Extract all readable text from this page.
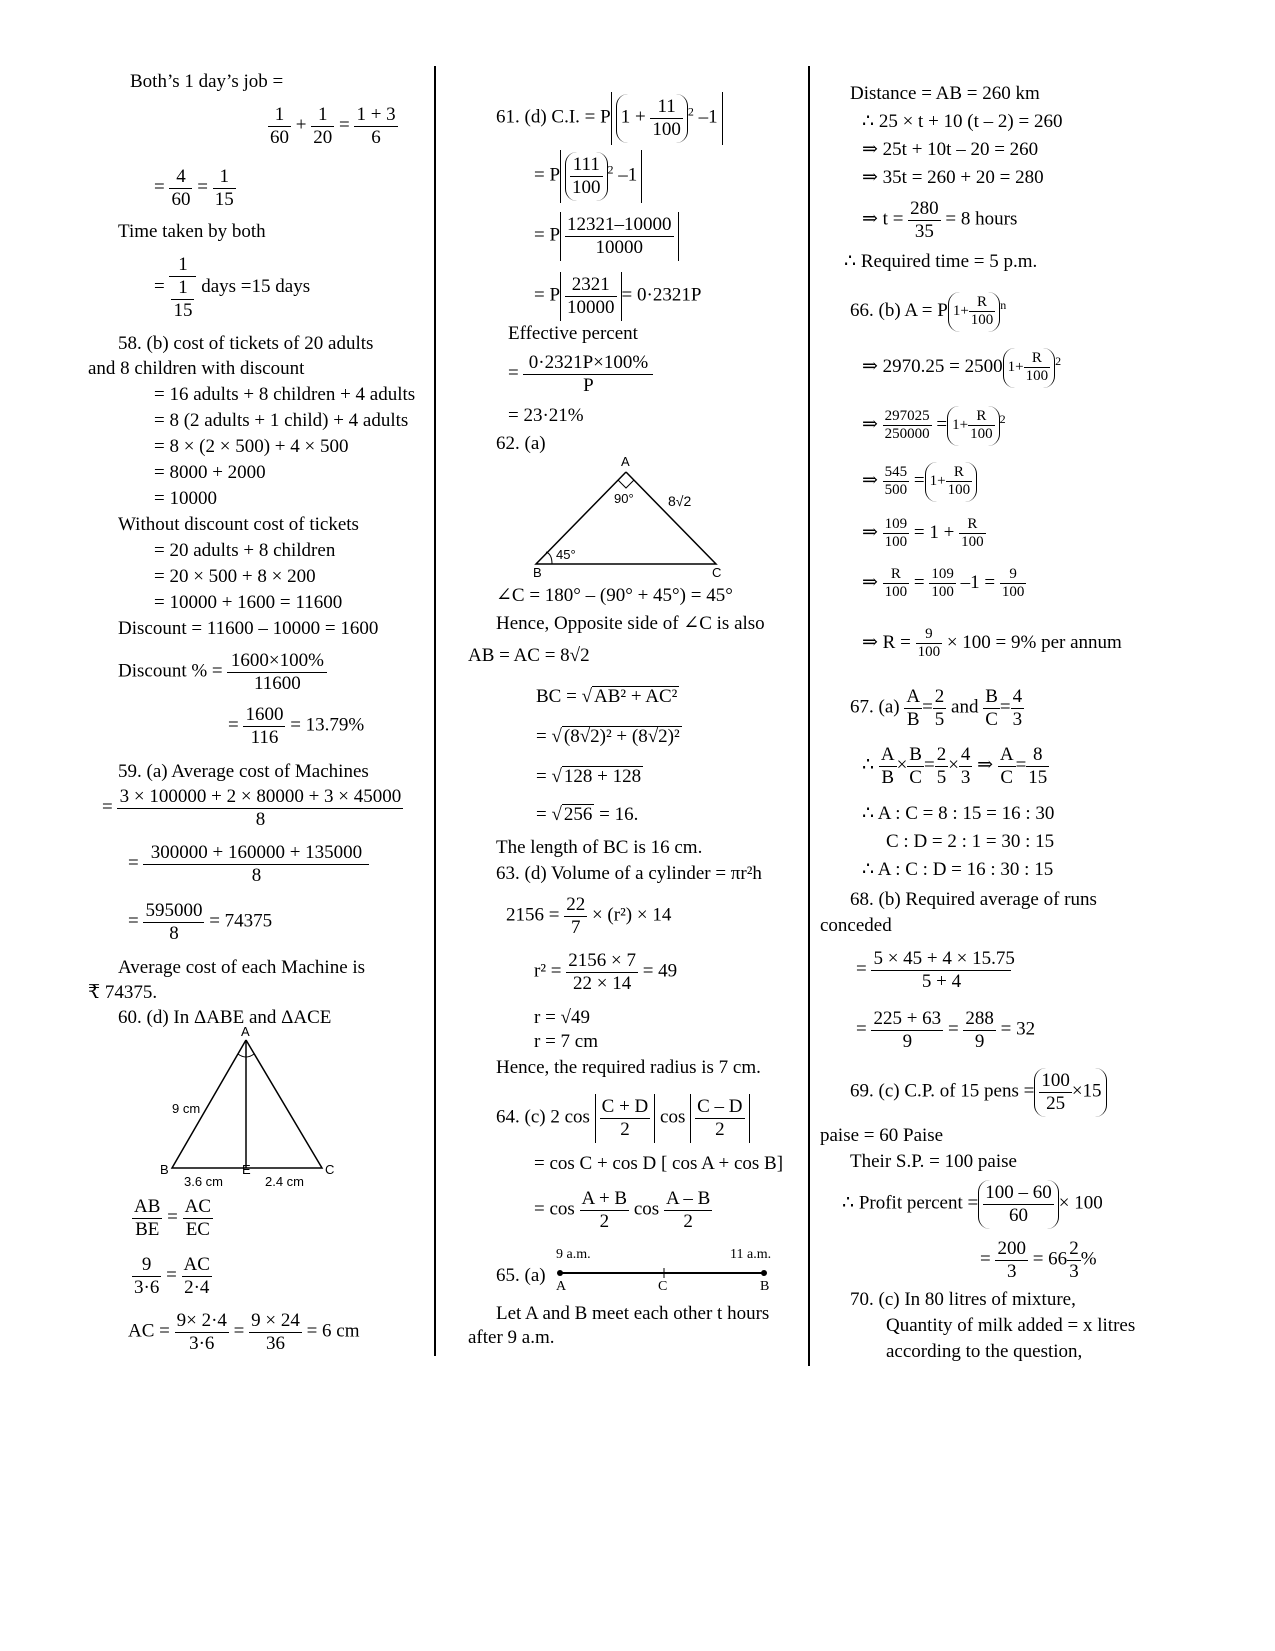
Both’s 1 day’s job =
$\frac{1}{60} + \frac{1}{20} = \frac{1 + 3}{6}$
= $\frac{4}{60} = \frac{1}{15}$
Time taken by both
= $\frac{1}{\frac{1}{15}}$ days =15 days
58. (b) cost of tickets of 20 adults
and 8 children with discount
= 16 adults + 8 children + 4 adults
= 8 (2 adults + 1 child) + 4 adults
= 8 × (2 × 500) + 4 × 500
= 8000 + 2000
= 10000
Without discount cost of tickets
= 20 adults + 8 children
= 20 × 500 + 8 × 200
= 10000 + 1600 = 11600
Discount = 11600 – 10000 = 1600
Discount % = $\frac{1600\times 100\%}{11600}$
= $\frac{1600}{116} = 13.79\%$
59. (a) Average cost of Machines
= $\frac{3 \times 100000 + 2 \times 80000 + 3 \times 45000}{8}$
= $\frac{300000 + 160000 + 135000}{8}$
= $\frac{595000}{8} = 74375$
Average cost of each Machine is
₹ 74375.
60. (d) In ΔABE and ΔACE
A
B	E	C
9 cm
3.6 cm	2.4 cm
$\frac{AB}{BE} = \frac{AC}{EC}$
$\frac{9}{3\cdot 6} = \frac{AC}{2\cdot 4}$
AC = $\frac{9\times 2\cdot 4}{3\cdot 6} = \frac{9 \times 24}{36} = 6$ cm
61. (d) C.I. = P $1 + \frac{11}{100} ^2$ –1
= P $\frac{111}{100} ^2$ –1
= P $\frac{12321-10000}{10000}$
= P $\frac{2321}{10000} = 0\cdot 2321P$
Effective percent
= $\frac{0\cdot 2321P\times 100\%}{P}$
= 23·21%
62. (a)
A
B	C
90°
45°
8√2
∠C = 180° – (90° + 45°) = 45°
Hence, Opposite side of ∠C is also
AB = AC = 8√2
BC = √ AB² + AC²
= √ (8√2)² + (8√2)²
= √ 128 + 128
= √ 256 = 16.
The length of BC is 16 cm.
63. (d) Volume of a cylinder = πr²h
$2156 = \frac{22}{7} \times (r^2) \times 14$
$r^2 = \frac{2156 \times 7}{22 \times 14} = 49$
r = √49
r = 7 cm
Hence, the required radius is 7 cm.
64. (c) 2 $\cos \frac{C + D}{2}$ $\cos \frac{C - D}{2}$
= cos C + cos D [ cos A + cos B]
= $\cos \frac{A + B}{2}$ $\cos \frac{A - B}{2}$
65. (a)
9 a.m.	11 a.m.
A	C	B
Let A and B meet each other t hours
after 9 a.m.
Distance = AB = 260 km
∴ 25 × t + 10 (t – 2) = 260
⇒ 25t + 10t – 20 = 260
⇒ 35t = 260 + 20 = 280
⇒ $t = \frac{280}{35} = 8$ hours
∴ Required time = 5 p.m.
66. (b) A = P $1+ \frac{R}{100} ^n$
⇒ 2970.25 = 2500 $1+ \frac{R}{100} ^2$
⇒ $\frac{297025}{250000} = 1+ \frac{R}{100} ^2$
⇒ $\frac{545}{500} = 1+ \frac{R}{100}$
⇒ $\frac{109}{100} = 1 + \frac{R}{100}$
⇒ $\frac{R}{100} = \frac{109}{100} -1 = \frac{9}{100}$
⇒ $R = \frac{9}{100} \times 100 = 9\%$ per annum
67. $(a) \frac{A}{B} = \frac{2}{5}$ and $\frac{B}{C} = \frac{4}{3}$
∴ $\frac{A}{B} \times \frac{B}{C} = \frac{2}{5} \times \frac{4}{3}$ ⇒ $\frac{A}{C} = \frac{8}{15}$
∴ A : C = 8 : 15 = 16 : 30
C : D = 2 : 1 = 30 : 15
∴ A : C : D = 16 : 30 : 15
68. (b) Required average of runs
conceded
= $\frac{5 \times 45 + 4 \times 15.75}{5 + 4}$
= $\frac{225 + 63}{9} = \frac{288}{9} = 32$
69. (c) C.P. of 15 pens = $\frac{100}{25} \times 15$
paise = 60 Paise
Their S.P. = 100 paise
∴ Profit percent = $\frac{100 - 60}{60} \times 100$
= $\frac{200}{3} = 66 \frac{2}{3}$ %
70. (c) In 80 litres of mixture,
Quantity of milk added = x litres
according to the question,
